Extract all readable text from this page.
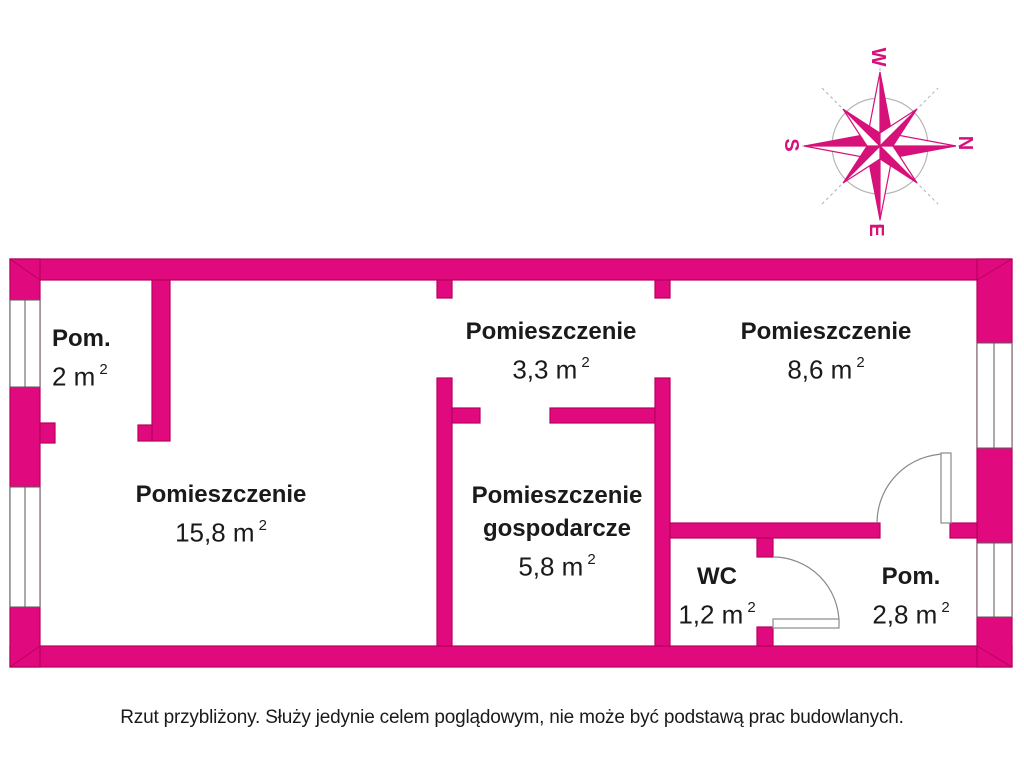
W
N
S
E
Pom.
2 m $^2$
Pomieszczenie
3,3 m $^2$
Pomieszczenie
8,6 m $^2$
Pomieszczenie
15,8 m $^2$
Pomieszczenie
gospodarcze
5,8 m $^2$
WC
1,2 m $^2$
Pom.
2,8 m $^2$
Rzut przybliżony. Służy jedynie celem poglądowym, nie może być podstawą prac budowlanych.
